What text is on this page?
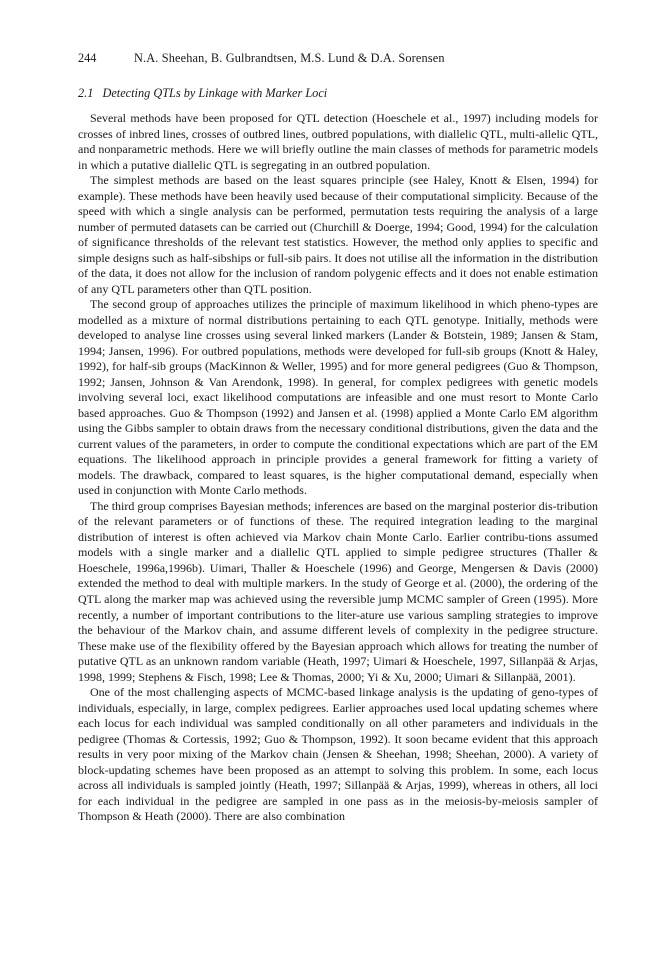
244	N.A. Sheehan, B. Gulbrandtsen, M.S. Lund & D.A. Sorensen
2.1 Detecting QTLs by Linkage with Marker Loci

Several methods have been proposed for QTL detection (Hoeschele et al., 1997) including models for crosses of inbred lines, crosses of outbred lines, outbred populations, with diallelic QTL, multi-allelic QTL, and nonparametric methods. Here we will briefly outline the main classes of methods for parametric models in which a putative diallelic QTL is segregating in an outbred population.

The simplest methods are based on the least squares principle (see Haley, Knott & Elsen, 1994) for example). These methods have been heavily used because of their computational simplicity. Because of the speed with which a single analysis can be performed, permutation tests requiring the analysis of a large number of permuted datasets can be carried out (Churchill & Doerge, 1994; Good, 1994) for the calculation of significance thresholds of the relevant test statistics. However, the method only applies to specific and simple designs such as half-sibships or full-sib pairs. It does not utilise all the information in the distribution of the data, it does not allow for the inclusion of random polygenic effects and it does not enable estimation of any QTL parameters other than QTL position.

The second group of approaches utilizes the principle of maximum likelihood in which pheno-types are modelled as a mixture of normal distributions pertaining to each QTL genotype. Initially, methods were developed to analyse line crosses using several linked markers (Lander & Botstein, 1989; Jansen & Stam, 1994; Jansen, 1996). For outbred populations, methods were developed for full-sib groups (Knott & Haley, 1992), for half-sib groups (MacKinnon & Weller, 1995) and for more general pedigrees (Guo & Thompson, 1992; Jansen, Johnson & Van Arendonk, 1998). In general, for complex pedigrees with genetic models involving several loci, exact likelihood computations are infeasible and one must resort to Monte Carlo based approaches. Guo & Thompson (1992) and Jansen et al. (1998) applied a Monte Carlo EM algorithm using the Gibbs sampler to obtain draws from the necessary conditional distributions, given the data and the current values of the parameters, in order to compute the conditional expectations which are part of the EM equations. The likelihood approach in principle provides a general framework for fitting a variety of models. The drawback, compared to least squares, is the higher computational demand, especially when used in conjunction with Monte Carlo methods.

The third group comprises Bayesian methods; inferences are based on the marginal posterior dis-tribution of the relevant parameters or of functions of these. The required integration leading to the marginal distribution of interest is often achieved via Markov chain Monte Carlo. Earlier contribu-tions assumed models with a single marker and a diallelic QTL applied to simple pedigree structures (Thaller & Hoeschele, 1996a,1996b). Uimari, Thaller & Hoeschele (1996) and George, Mengersen & Davis (2000) extended the method to deal with multiple markers. In the study of George et al. (2000), the ordering of the QTL along the marker map was achieved using the reversible jump MCMC sampler of Green (1995). More recently, a number of important contributions to the liter-ature use various sampling strategies to improve the behaviour of the Markov chain, and assume different levels of complexity in the pedigree structure. These make use of the flexibility offered by the Bayesian approach which allows for treating the number of putative QTL as an unknown random variable (Heath, 1997; Uimari & Hoeschele, 1997, Sillanpää & Arjas, 1998, 1999; Stephens & Fisch, 1998; Lee & Thomas, 2000; Yi & Xu, 2000; Uimari & Sillanpää, 2001).

One of the most challenging aspects of MCMC-based linkage analysis is the updating of geno-types of individuals, especially, in large, complex pedigrees. Earlier approaches used local updating schemes where each locus for each individual was sampled conditionally on all other parameters and individuals in the pedigree (Thomas & Cortessis, 1992; Guo & Thompson, 1992). It soon became evident that this approach results in very poor mixing of the Markov chain (Jensen & Sheehan, 1998; Sheehan, 2000). A variety of block-updating schemes have been proposed as an attempt to solving this problem. In some, each locus across all individuals is sampled jointly (Heath, 1997; Sillanpää & Arjas, 1999), whereas in others, all loci for each individual in the pedigree are sampled in one pass as in the meiosis-by-meiosis sampler of Thompson & Heath (2000). There are also combination
